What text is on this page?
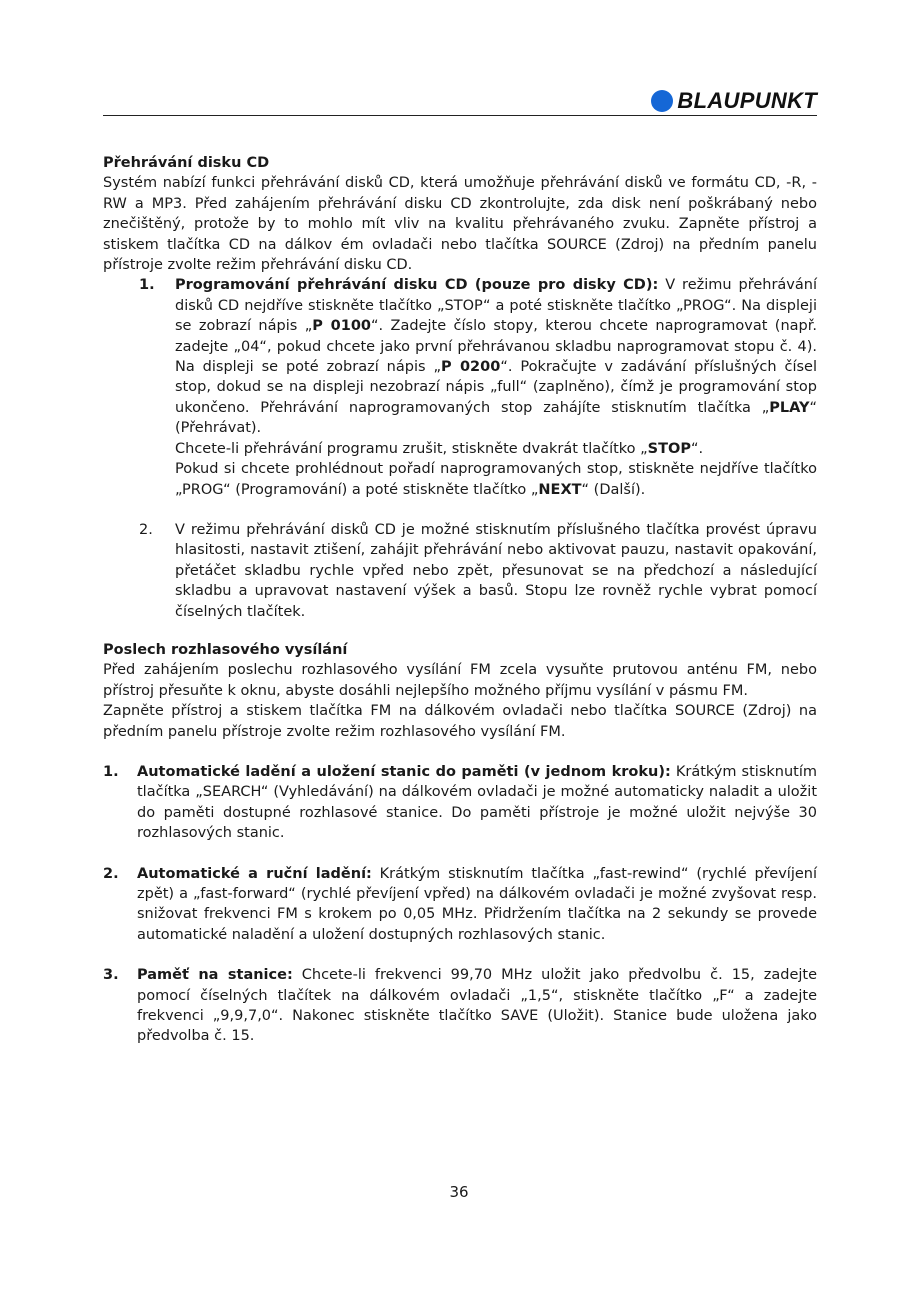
BLAUPUNKT

Přehrávání disku CD

Systém nabízí funkci přehrávání disků CD, která umožňuje přehrávání disků ve formátu CD, -R, -RW a MP3. Před zahájením přehrávání disku CD zkontrolujte, zda disk není poškrábaný nebo znečištěný, protože by to mohlo mít vliv na kvalitu přehrávaného zvuku. Zapněte přístroj a stiskem tlačítka CD na dálkov ém ovladači nebo tlačítka SOURCE (Zdroj) na předním panelu přístroje zvolte režim přehrávání disku CD.

1. Programování přehrávání disku CD (pouze pro disky CD): V režimu přehrávání disků CD nejdříve stiskněte tlačítko „STOP“ a poté stiskněte tlačítko „PROG“. Na displeji se zobrazí nápis „P 0100“. Zadejte číslo stopy, kterou chcete naprogramovat (např. zadejte „04“, pokud chcete jako první přehrávanou skladbu naprogramovat stopu č. 4). Na displeji se poté zobrazí nápis „P 0200“. Pokračujte v zadávání příslušných čísel stop, dokud se na displeji nezobrazí nápis „full“ (zaplněno), čímž je programování stop ukončeno. Přehrávání naprogramovaných stop zahájíte stisknutím tlačítka „PLAY“ (Přehrávat).

Chcete-li přehrávání programu zrušit, stiskněte dvakrát tlačítko „STOP“.

Pokud si chcete prohlédnout pořadí naprogramovaných stop, stiskněte nejdříve tlačítko „PROG“ (Programování) a poté stiskněte tlačítko „NEXT“ (Další).

2. V režimu přehrávání disků CD je možné stisknutím příslušného tlačítka provést úpravu hlasitosti, nastavit ztišení, zahájit přehrávání nebo aktivovat pauzu, nastavit opakování, přetáčet skladbu rychle vpřed nebo zpět, přesunovat se na předchozí a následující skladbu a upravovat nastavení výšek a basů. Stopu lze rovněž rychle vybrat pomocí číselných tlačítek.

Poslech rozhlasového vysílání

Před zahájením poslechu rozhlasového vysílání FM zcela vysuňte prutovou anténu FM, nebo přístroj přesuňte k oknu, abyste dosáhli nejlepšího možného příjmu vysílání v pásmu FM.

Zapněte přístroj a stiskem tlačítka FM na dálkovém ovladači nebo tlačítka SOURCE (Zdroj) na předním panelu přístroje zvolte režim rozhlasového vysílání FM.

1. Automatické ladění a uložení stanic do paměti (v jednom kroku): Krátkým stisknutím tlačítka „SEARCH“ (Vyhledávání) na dálkovém ovladači je možné automaticky naladit a uložit do paměti dostupné rozhlasové stanice. Do paměti přístroje je možné uložit nejvýše 30 rozhlasových stanic.

2. Automatické a ruční ladění: Krátkým stisknutím tlačítka „fast-rewind“ (rychlé převíjení zpět) a „fast-forward“ (rychlé převíjení vpřed) na dálkovém ovladači je možné zvyšovat resp. snižovat frekvenci FM s krokem po 0,05 MHz. Přidržením tlačítka na 2 sekundy se provede automatické naladění a uložení dostupných rozhlasových stanic.

3. Paměť na stanice: Chcete-li frekvenci 99,70 MHz uložit jako předvolbu č. 15, zadejte pomocí číselných tlačítek na dálkovém ovladači „1,5“, stiskněte tlačítko „F“ a zadejte frekvenci „9,9,7,0“. Nakonec stiskněte tlačítko SAVE (Uložit). Stanice bude uložena jako předvolba č. 15.

36
